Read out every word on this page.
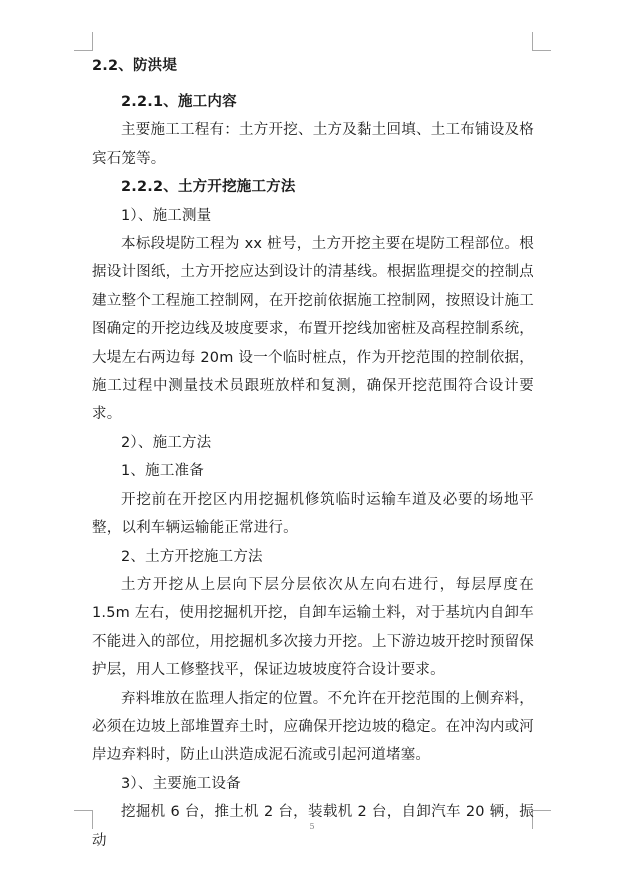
2.2、防洪堤

2.2.1、施工内容

主要施工工程有：土方开挖、土方及黏土回填、土工布铺设及格宾石笼等。

2.2.2、土方开挖施工方法

1）、施工测量

本标段堤防工程为 xx 桩号，土方开挖主要在堤防工程部位。根据设计图纸，土方开挖应达到设计的清基线。根据监理提交的控制点建立整个工程施工控制网，在开挖前依据施工控制网，按照设计施工图确定的开挖边线及坡度要求，布置开挖线加密桩及高程控制系统，大堤左右两边每 20m 设一个临时桩点，作为开挖范围的控制依据，施工过程中测量技术员跟班放样和复测，确保开挖范围符合设计要求。

2）、施工方法

1、施工准备

开挖前在开挖区内用挖掘机修筑临时运输车道及必要的场地平整，以利车辆运输能正常进行。

2、土方开挖施工方法

土方开挖从上层向下层分层依次从左向右进行，每层厚度在 1.5m 左右，使用挖掘机开挖，自卸车运输土料，对于基坑内自卸车不能进入的部位，用挖掘机多次接力开挖。上下游边坡开挖时预留保护层，用人工修整找平，保证边坡坡度符合设计要求。

弃料堆放在监理人指定的位置。不允许在开挖范围的上侧弃料，必须在边坡上部堆置弃土时，应确保开挖边坡的稳定。在冲沟内或河岸边弃料时，防止山洪造成泥石流或引起河道堵塞。

3）、主要施工设备

挖掘机 6 台，推土机 2 台，装载机 2 台，自卸汽车 20 辆，振动

5
